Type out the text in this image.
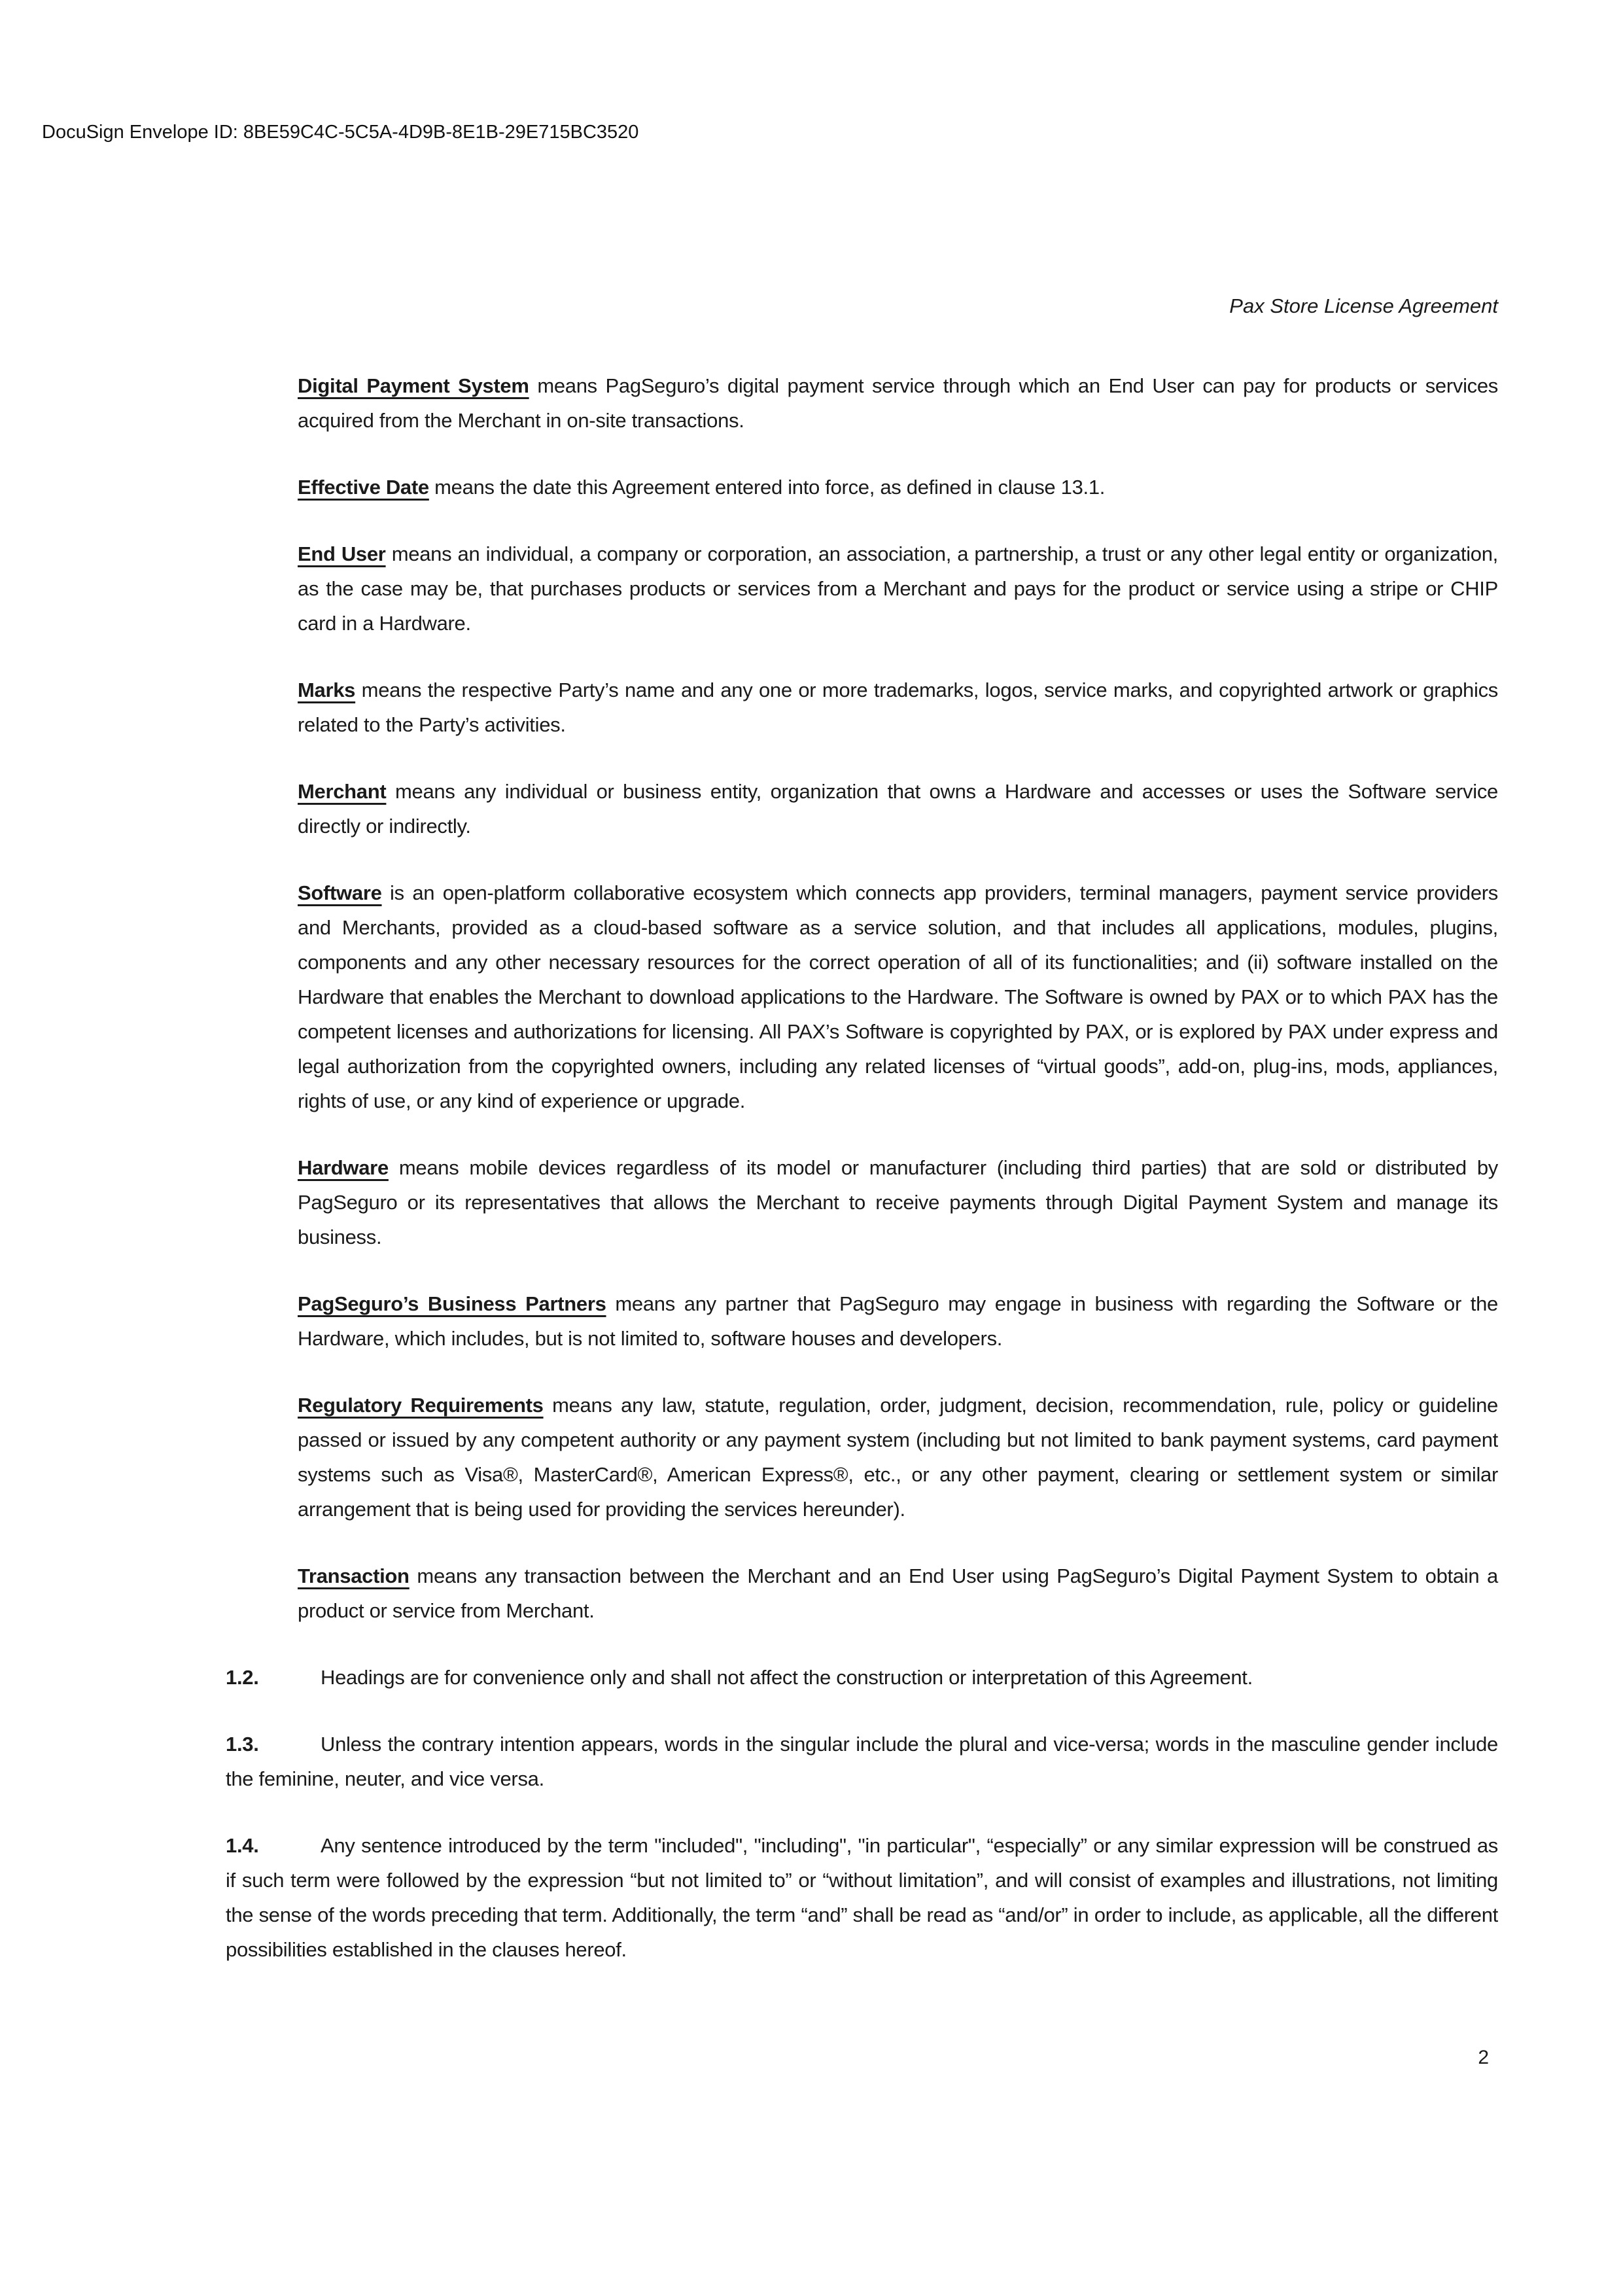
DocuSign Envelope ID: 8BE59C4C-5C5A-4D9B-8E1B-29E715BC3520
Pax Store License Agreement

Digital Payment System means PagSeguro’s digital payment service through which an End User can pay for products or services acquired from the Merchant in on-site transactions.

Effective Date means the date this Agreement entered into force, as defined in clause 13.1.

End User means an individual, a company or corporation, an association, a partnership, a trust or any other legal entity or organization, as the case may be, that purchases products or services from a Merchant and pays for the product or service using a stripe or CHIP card in a Hardware.

Marks means the respective Party’s name and any one or more trademarks, logos, service marks, and copyrighted artwork or graphics related to the Party’s activities.

Merchant means any individual or business entity, organization that owns a Hardware and accesses or uses the Software service directly or indirectly.

Software is an open-platform collaborative ecosystem which connects app providers, terminal managers, payment service providers and Merchants, provided as a cloud-based software as a service solution, and that includes all applications, modules, plugins, components and any other necessary resources for the correct operation of all of its functionalities; and (ii) software installed on the Hardware that enables the Merchant to download applications to the Hardware. The Software is owned by PAX or to which PAX has the competent licenses and authorizations for licensing. All PAX’s Software is copyrighted by PAX, or is explored by PAX under express and legal authorization from the copyrighted owners, including any related licenses of “virtual goods”, add-on, plug-ins, mods, appliances, rights of use, or any kind of experience or upgrade.

Hardware means mobile devices regardless of its model or manufacturer (including third parties) that are sold or distributed by PagSeguro or its representatives that allows the Merchant to receive payments through Digital Payment System and manage its business.

PagSeguro’s Business Partners means any partner that PagSeguro may engage in business with regarding the Software or the Hardware, which includes, but is not limited to, software houses and developers.

Regulatory Requirements means any law, statute, regulation, order, judgment, decision, recommendation, rule, policy or guideline passed or issued by any competent authority or any payment system (including but not limited to bank payment systems, card payment systems such as Visa®, MasterCard®, American Express®, etc., or any other payment, clearing or settlement system or similar arrangement that is being used for providing the services hereunder).

Transaction means any transaction between the Merchant and an End User using PagSeguro’s Digital Payment System to obtain a product or service from Merchant.

1.2.	Headings are for convenience only and shall not affect the construction or interpretation of this Agreement.

1.3.	Unless the contrary intention appears, words in the singular include the plural and vice-versa; words in the masculine gender include the feminine, neuter, and vice versa.

1.4.	Any sentence introduced by the term "included", "including", "in particular", “especially” or any similar expression will be construed as if such term were followed by the expression “but not limited to” or “without limitation”, and will consist of examples and illustrations, not limiting the sense of the words preceding that term. Additionally, the term “and” shall be read as “and/or” in order to include, as applicable, all the different possibilities established in the clauses hereof.

2
